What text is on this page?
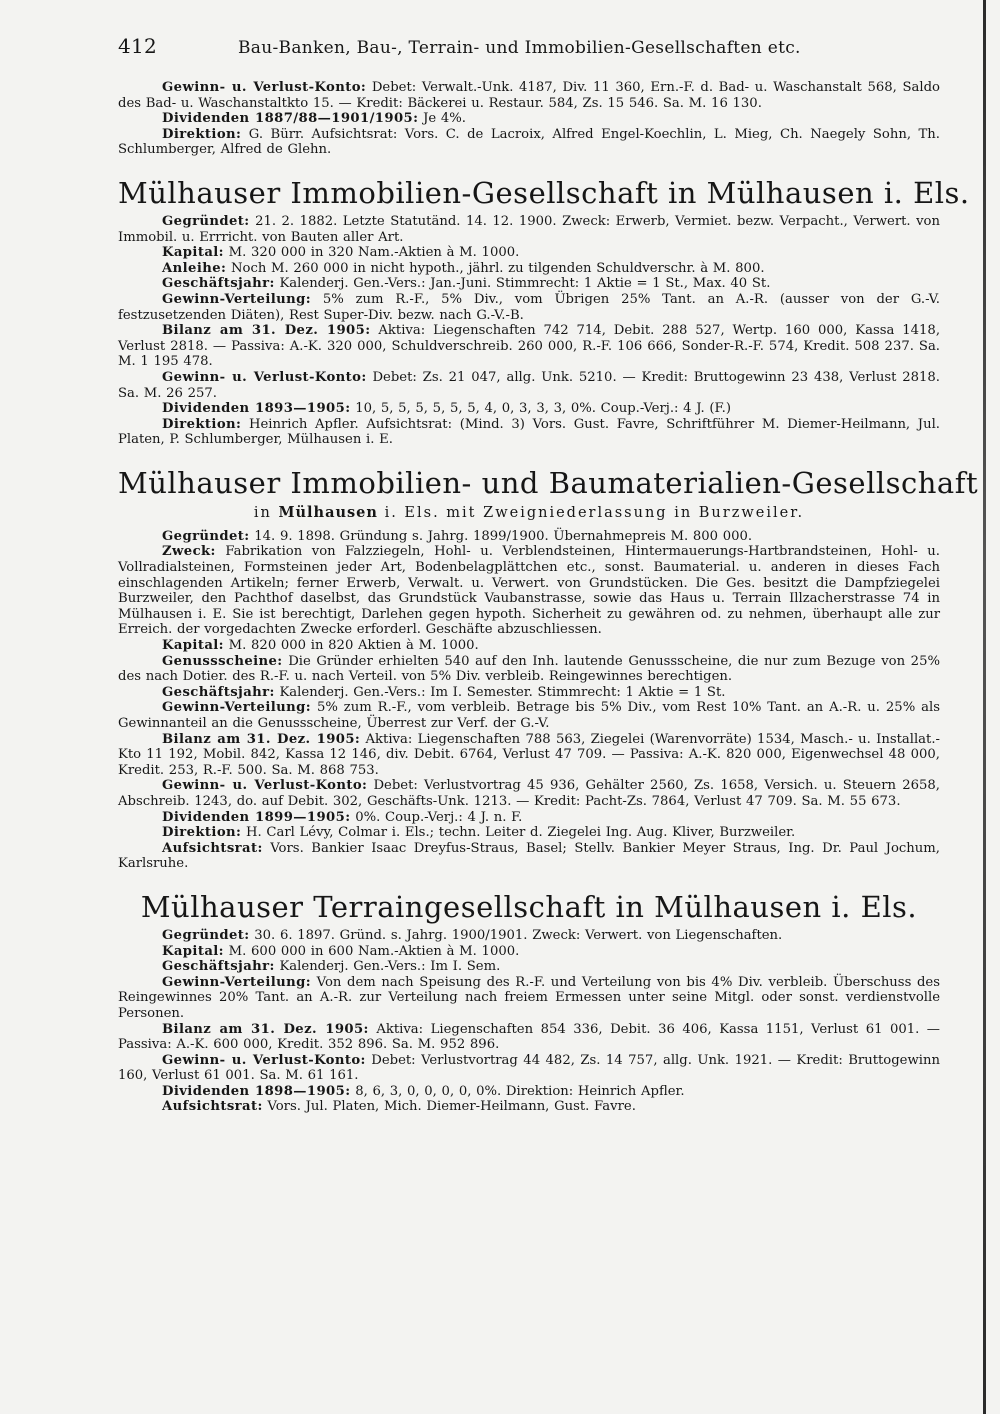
412	Bau-Banken, Bau-, Terrain- und Immobilien-Gesellschaften etc.

Gewinn- u. Verlust-Konto: Debet: Verwalt.-Unk. 4187, Div. 11 360, Ern.-F. d. Bad- u. Waschanstalt 568, Saldo des Bad- u. Waschanstaltkto 15. — Kredit: Bäckerei u. Restaur. 584, Zs. 15 546. Sa. M. 16 130.

Dividenden 1887/88—1901/1905: Je 4%.

Direktion: G. Bürr. Aufsichtsrat: Vors. C. de Lacroix, Alfred Engel-Koechlin, L. Mieg, Ch. Naegely Sohn, Th. Schlumberger, Alfred de Glehn.

Mülhauser Immobilien-Gesellschaft in Mülhausen i. Els.

Gegründet: 21. 2. 1882. Letzte Statutänd. 14. 12. 1900. Zweck: Erwerb, Vermiet. bezw. Verpacht., Verwert. von Immobil. u. Errricht. von Bauten aller Art.

Kapital: M. 320 000 in 320 Nam.-Aktien à M. 1000.

Anleihe: Noch M. 260 000 in nicht hypoth., jährl. zu tilgenden Schuldverschr. à M. 800.

Geschäftsjahr: Kalenderj. Gen.-Vers.: Jan.-Juni. Stimmrecht: 1 Aktie = 1 St., Max. 40 St.

Gewinn-Verteilung: 5% zum R.-F., 5% Div., vom Übrigen 25% Tant. an A.-R. (ausser von der G.-V. festzusetzenden Diäten), Rest Super-Div. bezw. nach G.-V.-B.

Bilanz am 31. Dez. 1905: Aktiva: Liegenschaften 742 714, Debit. 288 527, Wertp. 160 000, Kassa 1418, Verlust 2818. — Passiva: A.-K. 320 000, Schuldverschreib. 260 000, R.-F. 106 666, Sonder-R.-F. 574, Kredit. 508 237. Sa. M. 1 195 478.

Gewinn- u. Verlust-Konto: Debet: Zs. 21 047, allg. Unk. 5210. — Kredit: Bruttogewinn 23 438, Verlust 2818. Sa. M. 26 257.

Dividenden 1893—1905: 10, 5, 5, 5, 5, 5, 5, 4, 0, 3, 3, 3, 0%. Coup.-Verj.: 4 J. (F.)

Direktion: Heinrich Apfler. Aufsichtsrat: (Mind. 3) Vors. Gust. Favre, Schriftführer M. Diemer-Heilmann, Jul. Platen, P. Schlumberger, Mülhausen i. E.

Mülhauser Immobilien- und Baumaterialien-Gesellschaft
in Mülhausen i. Els. mit Zweigniederlassung in Burzweiler.

Gegründet: 14. 9. 1898. Gründung s. Jahrg. 1899/1900. Übernahmepreis M. 800 000.

Zweck: Fabrikation von Falzziegeln, Hohl- u. Verblendsteinen, Hintermauerungs-Hartbrandsteinen, Hohl- u. Vollradialsteinen, Formsteinen jeder Art, Bodenbelagplättchen etc., sonst. Baumaterial. u. anderen in dieses Fach einschlagenden Artikeln; ferner Erwerb, Verwalt. u. Verwert. von Grundstücken. Die Ges. besitzt die Dampfziegelei Burzweiler, den Pachthof daselbst, das Grundstück Vaubanstrasse, sowie das Haus u. Terrain Illzacherstrasse 74 in Mülhausen i. E. Sie ist berechtigt, Darlehen gegen hypoth. Sicherheit zu gewähren od. zu nehmen, überhaupt alle zur Erreich. der vorgedachten Zwecke erforderl. Geschäfte abzuschliessen.

Kapital: M. 820 000 in 820 Aktien à M. 1000.

Genussscheine: Die Gründer erhielten 540 auf den Inh. lautende Genussscheine, die nur zum Bezuge von 25% des nach Dotier. des R.-F. u. nach Verteil. von 5% Div. verbleib. Reingewinnes berechtigen.

Geschäftsjahr: Kalenderj. Gen.-Vers.: Im I. Semester. Stimmrecht: 1 Aktie = 1 St.

Gewinn-Verteilung: 5% zum R.-F., vom verbleib. Betrage bis 5% Div., vom Rest 10% Tant. an A.-R. u. 25% als Gewinnanteil an die Genussscheine, Überrest zur Verf. der G.-V.

Bilanz am 31. Dez. 1905: Aktiva: Liegenschaften 788 563, Ziegelei (Warenvorräte) 1534, Masch.- u. Installat.-Kto 11 192, Mobil. 842, Kassa 12 146, div. Debit. 6764, Verlust 47 709. — Passiva: A.-K. 820 000, Eigenwechsel 48 000, Kredit. 253, R.-F. 500. Sa. M. 868 753.

Gewinn- u. Verlust-Konto: Debet: Verlustvortrag 45 936, Gehälter 2560, Zs. 1658, Versich. u. Steuern 2658, Abschreib. 1243, do. auf Debit. 302, Geschäfts-Unk. 1213. — Kredit: Pacht-Zs. 7864, Verlust 47 709. Sa. M. 55 673.

Dividenden 1899—1905: 0%. Coup.-Verj.: 4 J. n. F.

Direktion: H. Carl Lévy, Colmar i. Els.; techn. Leiter d. Ziegelei Ing. Aug. Kliver, Burzweiler.

Aufsichtsrat: Vors. Bankier Isaac Dreyfus-Straus, Basel; Stellv. Bankier Meyer Straus, Ing. Dr. Paul Jochum, Karlsruhe.

Mülhauser Terraingesellschaft in Mülhausen i. Els.

Gegründet: 30. 6. 1897. Gründ. s. Jahrg. 1900/1901. Zweck: Verwert. von Liegenschaften.

Kapital: M. 600 000 in 600 Nam.-Aktien à M. 1000.

Geschäftsjahr: Kalenderj. Gen.-Vers.: Im I. Sem.

Gewinn-Verteilung: Von dem nach Speisung des R.-F. und Verteilung von bis 4% Div. verbleib. Überschuss des Reingewinnes 20% Tant. an A.-R. zur Verteilung nach freiem Ermessen unter seine Mitgl. oder sonst. verdienstvolle Personen.

Bilanz am 31. Dez. 1905: Aktiva: Liegenschaften 854 336, Debit. 36 406, Kassa 1151, Verlust 61 001. — Passiva: A.-K. 600 000, Kredit. 352 896. Sa. M. 952 896.

Gewinn- u. Verlust-Konto: Debet: Verlustvortrag 44 482, Zs. 14 757, allg. Unk. 1921. — Kredit: Bruttogewinn 160, Verlust 61 001. Sa. M. 61 161.

Dividenden 1898—1905: 8, 6, 3, 0, 0, 0, 0, 0%. Direktion: Heinrich Apfler.

Aufsichtsrat: Vors. Jul. Platen, Mich. Diemer-Heilmann, Gust. Favre.
